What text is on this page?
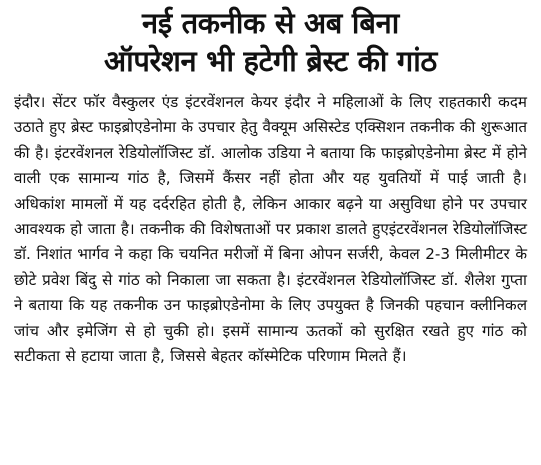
नई तकनीक से अब बिना
ऑपरेशन भी हटेगी ब्रेस्ट की गांठ

इंदौर। सेंटर फॉर वैस्कुलर एंड इंटरवेंशनल केयर इंदौर ने महिलाओं के लिए राहतकारी कदम उठाते हुए ब्रेस्ट फाइब्रोएडेनोमा के उपचार हेतु वैक्यूम असिस्टेड एक्सिशन तकनीक की शुरूआत की है। इंटरवेंशनल रेडियोलॉजिस्ट डॉ. आलोक उडिया ने बताया कि फाइब्रोएडेनोमा ब्रेस्ट में होने वाली एक सामान्य गांठ है, जिसमें कैंसर नहीं होता और यह युवतियों में पाई जाती है। अधिकांश मामलों में यह दर्दरहित होती है, लेकिन आकार बढ़ने या असुविधा होने पर उपचार आवश्यक हो जाता है। तकनीक की विशेषताओं पर प्रकाश डालते हुएइंटरवेंशनल रेडियोलॉजिस्ट डॉ. निशांत भार्गव ने कहा कि चयनित मरीजों में बिना ओपन सर्जरी, केवल 2-3 मिलीमीटर के छोटे प्रवेश बिंदु से गांठ को निकाला जा सकता है। इंटरवेंशनल रेडियोलॉजिस्ट डॉ. शैलेश गुप्ता ने बताया कि यह तकनीक उन फाइब्रोएडेनोमा के लिए उपयुक्त है जिनकी पहचान क्लीनिकल जांच और इमेजिंग से हो चुकी हो। इसमें सामान्य ऊतकों को सुरक्षित रखते हुए गांठ को सटीकता से हटाया जाता है, जिससे बेहतर कॉस्मेटिक परिणाम मिलते हैं।
